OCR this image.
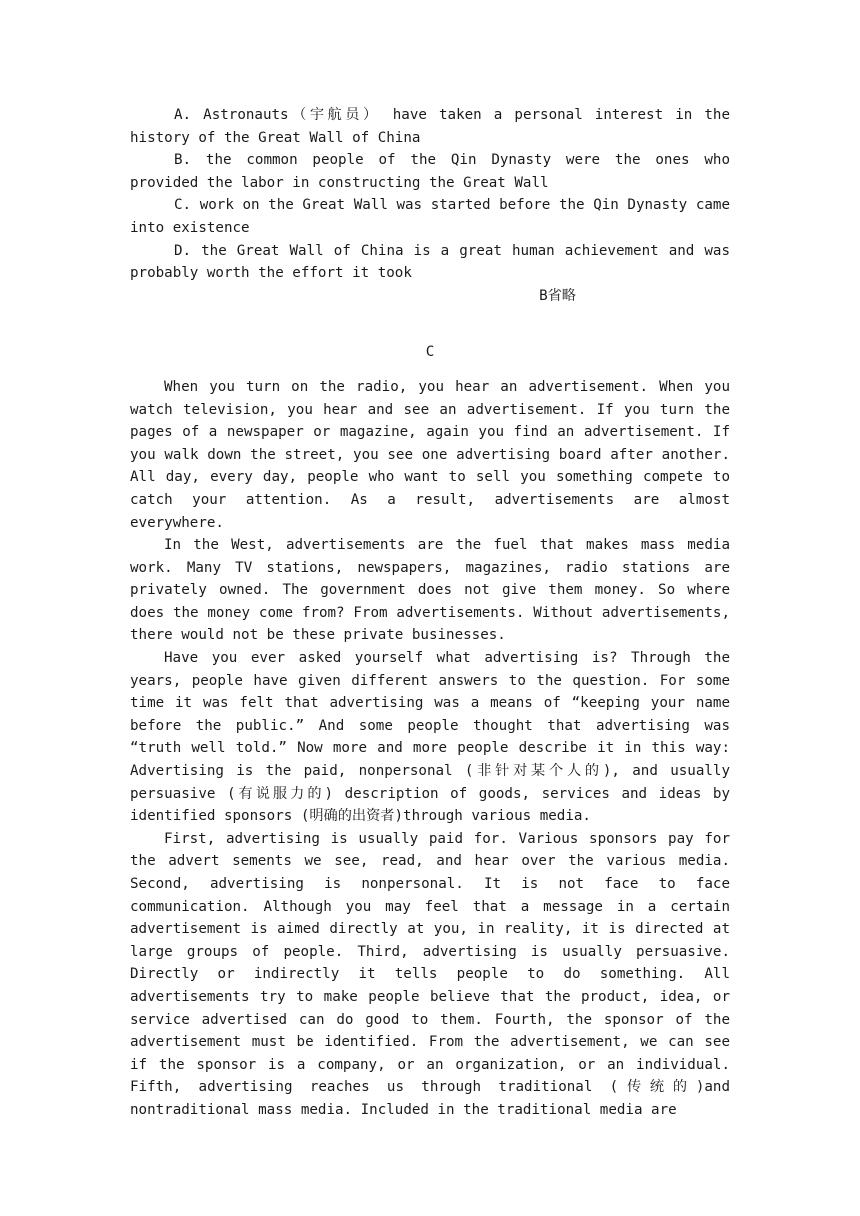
A. Astronauts（宇航员） have taken a personal interest in the history of the Great Wall of China

B. the common people of the Qin Dynasty were the ones who provided the labor in constructing the Great Wall

C. work on the Great Wall was started before the Qin Dynasty came into existence

D. the Great Wall of China is a great human achievement and was probably worth the effort it took

B省略

C

When you turn on the radio, you hear an advertisement. When you watch television, you hear and see an advertisement. If you turn the pages of a newspaper or magazine, again you find an advertisement. If you walk down the street, you see one advertising board after another. All day, every day, people who want to sell you something compete to catch your attention. As a result, advertisements are almost everywhere.

In the West, advertisements are the fuel that makes mass media work. Many TV stations, newspapers, magazines, radio stations are privately owned. The government does not give them money. So where does the money come from? From advertisements. Without advertisements, there would not be these private businesses.

Have you ever asked yourself what advertising is? Through the years, people have given different answers to the question. For some time it was felt that advertising was a means of “keeping your name before the public.” And some people thought that advertising was “truth well told.” Now more and more people describe it in this way: Advertising is the paid, nonpersonal (非针对某个人的), and usually persuasive (有说服力的) description of goods, services and ideas by identified sponsors (明确的出资者)through various media.

First, advertising is usually paid for. Various sponsors pay for the advert sements we see, read, and hear over the various media. Second, advertising is nonpersonal. It is not face to face communication. Although you may feel that a message in a certain advertisement is aimed directly at you, in reality, it is directed at large groups of people. Third, advertising is usually persuasive. Directly or indirectly it tells people to do something. All advertisements try to make people believe that the product, idea, or service advertised can do good to them. Fourth, the sponsor of the advertisement must be identified. From the advertisement, we can see if the sponsor is a company, or an organization, or an individual. Fifth, advertising reaches us through traditional (传统的)and nontraditional mass media. Included in the traditional media are
